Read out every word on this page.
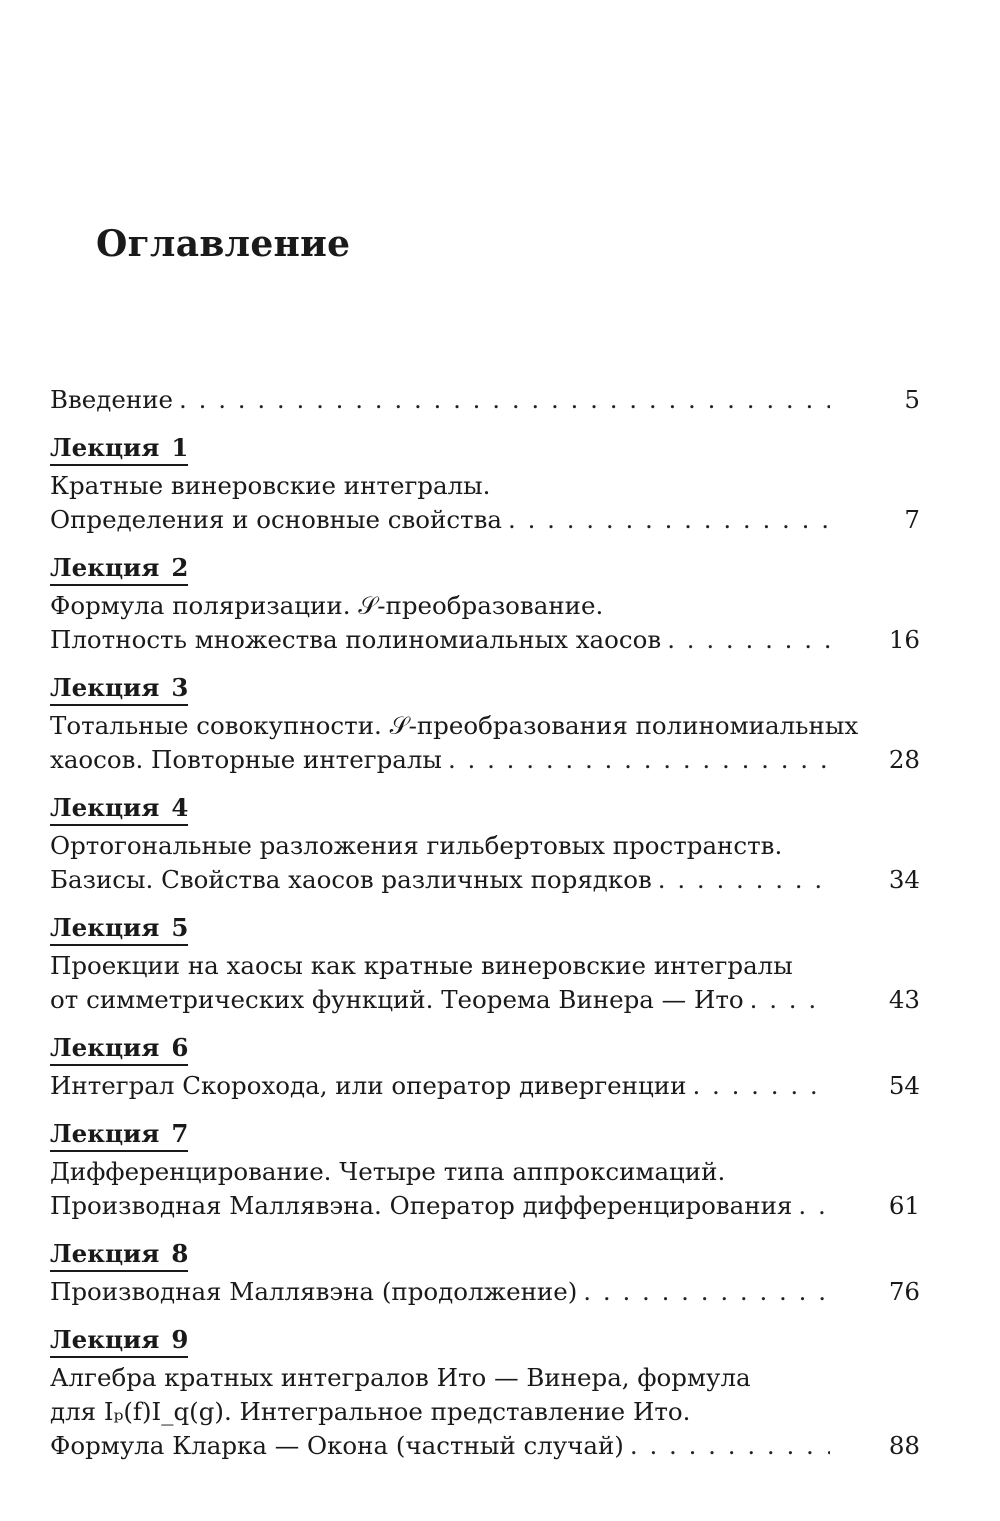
Оглавление
Введение . . .	5
Лекция 1
Кратные винеровские интегралы.
Определения и основные свойства . . .	7
Лекция 2
Формула поляризации. 𝒮-преобразование.
Плотность множества полиномиальных хаосов . . .	16
Лекция 3
Тотальные совокупности. 𝒮-преобразования полиномиальных
хаосов. Повторные интегралы . . .	28
Лекция 4
Ортогональные разложения гильбертовых пространств.
Базисы. Свойства хаосов различных порядков . . .	34
Лекция 5
Проекции на хаосы как кратные винеровские интегралы
от симметрических функций. Теорема Винера — Ито . . .	43
Лекция 6
Интеграл Скорохода, или оператор дивергенции . . .	54
Лекция 7
Дифференцирование. Четыре типа аппроксимаций.
Производная Маллявэна. Оператор дифференцирования . . .	61
Лекция 8
Производная Маллявэна (продолжение) . . .	76
Лекция 9
Алгебра кратных интегралов Ито — Винера, формула
для Iₚ(f)I_q(g). Интегральное представление Ито.
Формула Кларка — Окона (частный случай) . . .	88
